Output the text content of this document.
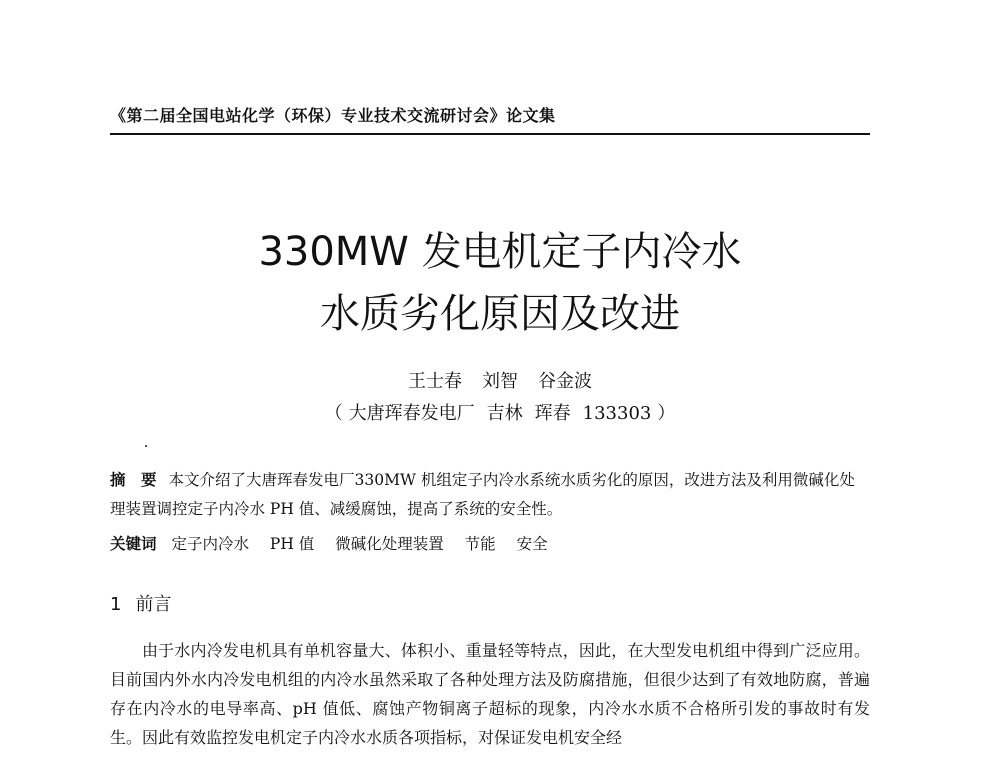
《第二届全国电站化学（环保）专业技术交流研讨会》论文集
330MW 发电机定子内冷水
水质劣化原因及改进
王士春 刘智 谷金波
（ 大唐珲春发电厂 吉林 珲春 133303 ）
摘　要 本文介绍了大唐珲春发电厂330MW 机组定子内冷水系统水质劣化的原因，改进方法及利用微碱化处理装置调控定子内冷水 PH 值、减缓腐蚀，提高了系统的安全性。
关键词 定子内冷水 PH 值 微碱化处理装置 节能 安全
1 前言
由于水内冷发电机具有单机容量大、体积小、重量轻等特点，因此，在大型发电机组中得到广泛应用。目前国内外水内冷发电机组的内冷水虽然采取了各种处理方法及防腐措施，但很少达到了有效地防腐，普遍存在内冷水的电导率高、pH 值低、腐蚀产物铜离子超标的现象，内冷水水质不合格所引发的事故时有发生。因此有效监控发电机定子内冷水水质各项指标，对保证发电机安全经
